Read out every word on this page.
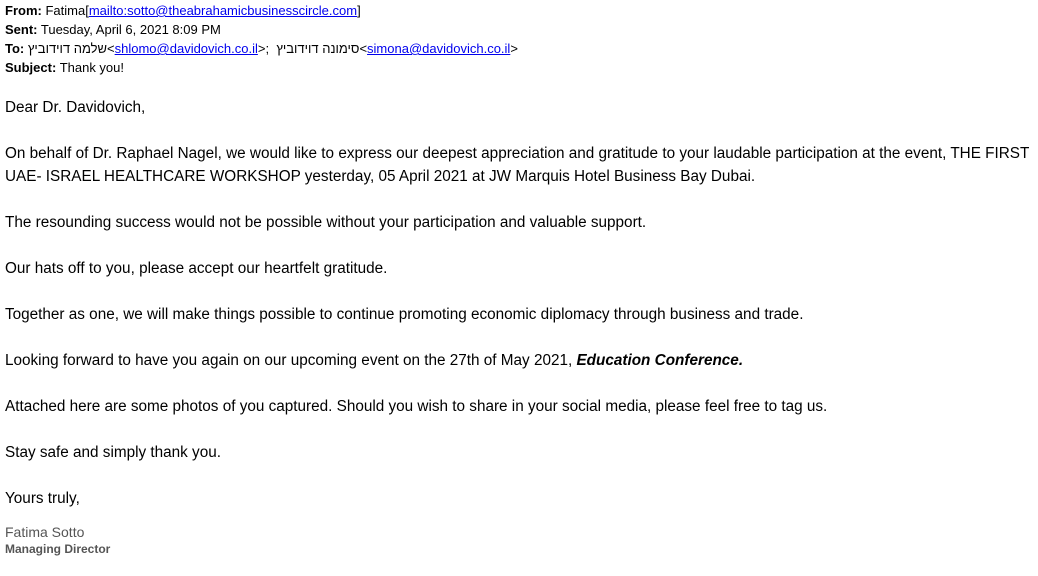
From: Fatima[mailto:sotto@theabrahamicbusinesscircle.com]
Sent: Tuesday, April 6, 2021 8:09 PM
To: שלמה דוידוביץ<shlomo@davidovich.co.il>; סימונה דוידוביץ<simona@davidovich.co.il>
Subject: Thank you!

Dear Dr. Davidovich,

On behalf of Dr. Raphael Nagel, we would like to express our deepest appreciation and gratitude to your laudable participation at the event, THE FIRST UAE- ISRAEL HEALTHCARE WORKSHOP yesterday, 05 April 2021 at JW Marquis Hotel Business Bay Dubai.

The resounding success would not be possible without your participation and valuable support.

Our hats off to you, please accept our heartfelt gratitude.

Together as one, we will make things possible to continue promoting economic diplomacy through business and trade.

Looking forward to have you again on our upcoming event on the 27th of May 2021, Education Conference.

Attached here are some photos of you captured. Should you wish to share in your social media, please feel free to tag us.

Stay safe and simply thank you.

Yours truly,

Fatima Sotto
Managing Director
